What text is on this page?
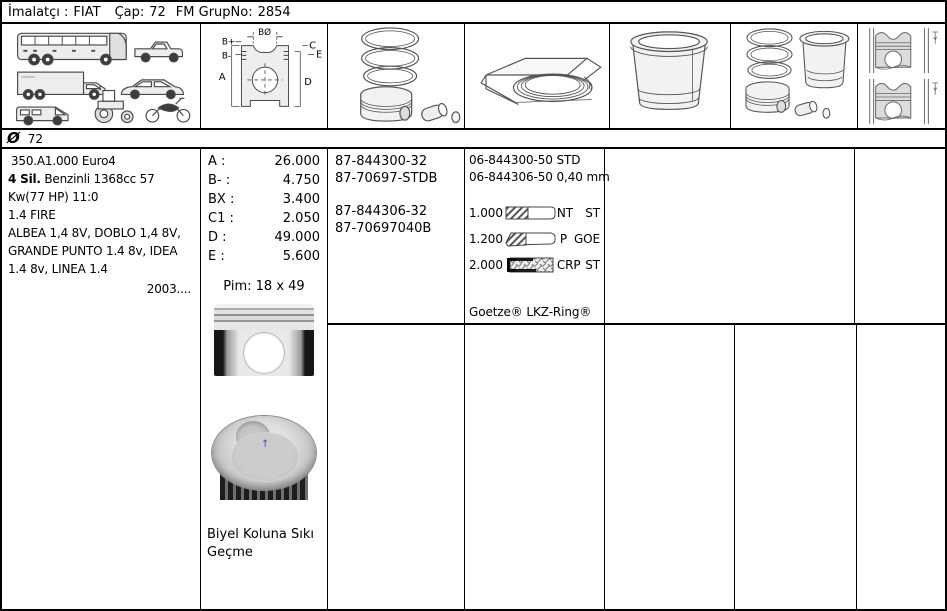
İmalatçı : FIAT Çap: 72 FM GrupNo: 2854
BØ
B+
B-
A
C
E
D
Ø 72
350.A1.000 Euro4
4 Sil. Benzinli 1368cc 57 Kw(77 HP) 11:0
1.4 FIRE
ALBEA 1,4 8V, DOBLO 1,4 8V, GRANDE PUNTO 1.4 8v, IDEA 1.4 8v, LINEA 1.4
2003....
A :	26.000
B- :	4.750
BX :	3.400
C1 :	2.050
D :	49.000
E :	5.600
Pim: 18 x 49
↑
Biyel Koluna Sıkı Geçme
87-844300-32
87-70697-STDB
87-844306-32
87-70697040B
06-844300-50 STD
06-844306-50 0,40 mm
1.000	NT	ST
1.200	P GOE
2.000	CRP ST
Goetze® LKZ-Ring®
